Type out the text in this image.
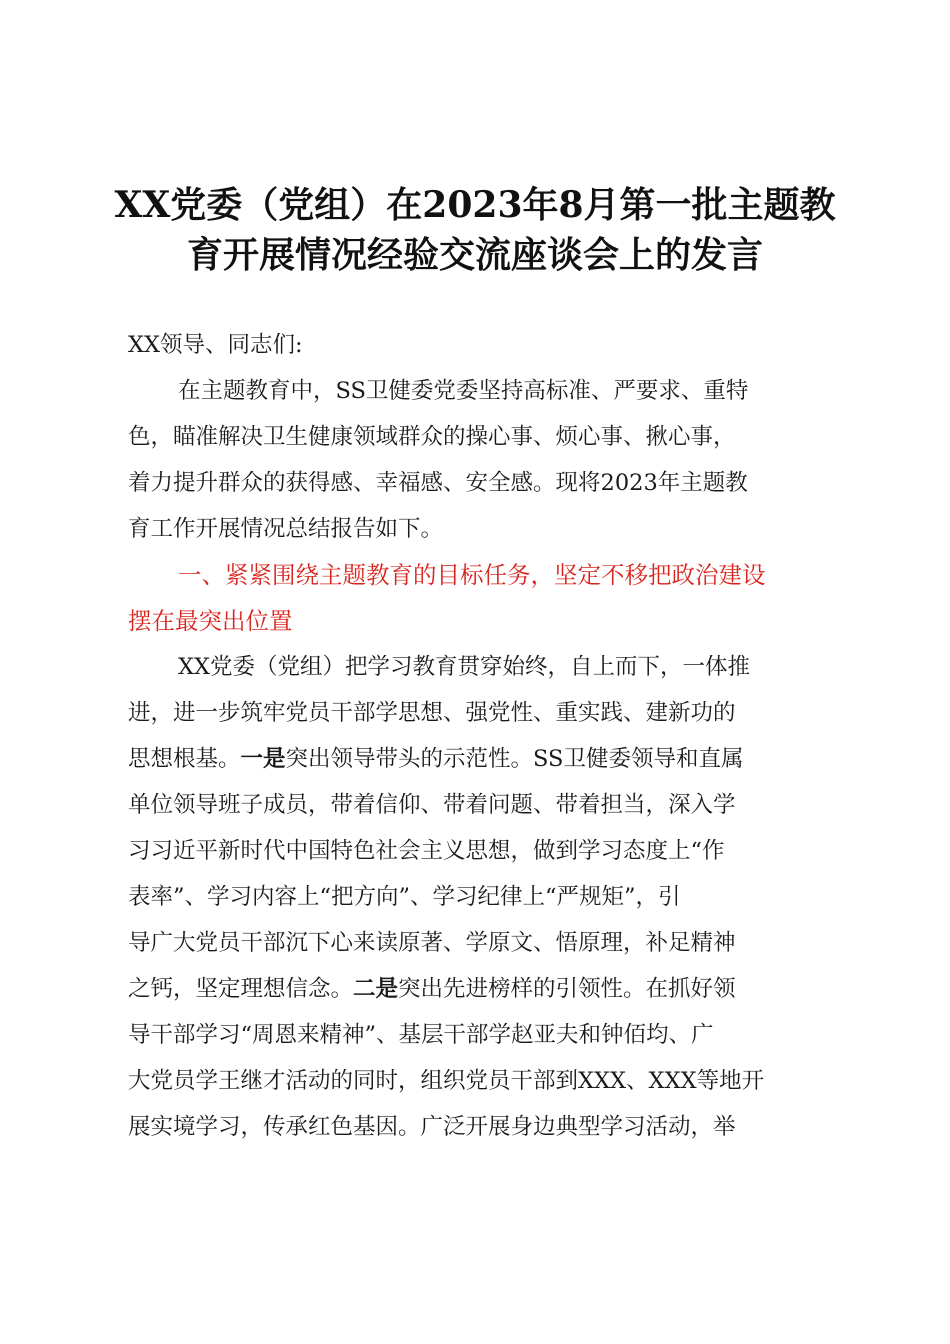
XX党委（党组）在2023年8月第一批主题教
育开展情况经验交流座谈会上的发言
XX领导、同志们:
在主题教育中，SS卫健委党委坚持高标准、严要求、重特
色，瞄准解决卫生健康领域群众的操心事、烦心事、揪心事，
着力提升群众的获得感、幸福感、安全感。现将2023年主题教
育工作开展情况总结报告如下。
一、紧紧围绕主题教育的目标任务，坚定不移把政治建设
摆在最突出位置
XX党委（党组）把学习教育贯穿始终，自上而下，一体推
进，进一步筑牢党员干部学思想、强党性、重实践、建新功的
思想根基。一是突出领导带头的示范性。SS卫健委领导和直属
单位领导班子成员，带着信仰、带着问题、带着担当，深入学
习习近平新时代中国特色社会主义思想，做到学习态度上“作
表率”、学习内容上“把方向”、学习纪律上“严规矩”，引
导广大党员干部沉下心来读原著、学原文、悟原理，补足精神
之钙，坚定理想信念。二是突出先进榜样的引领性。在抓好领
导干部学习“周恩来精神”、基层干部学赵亚夫和钟佰均、广
大党员学王继才活动的同时，组织党员干部到XXX、XXX等地开
展实境学习，传承红色基因。广泛开展身边典型学习活动，举
